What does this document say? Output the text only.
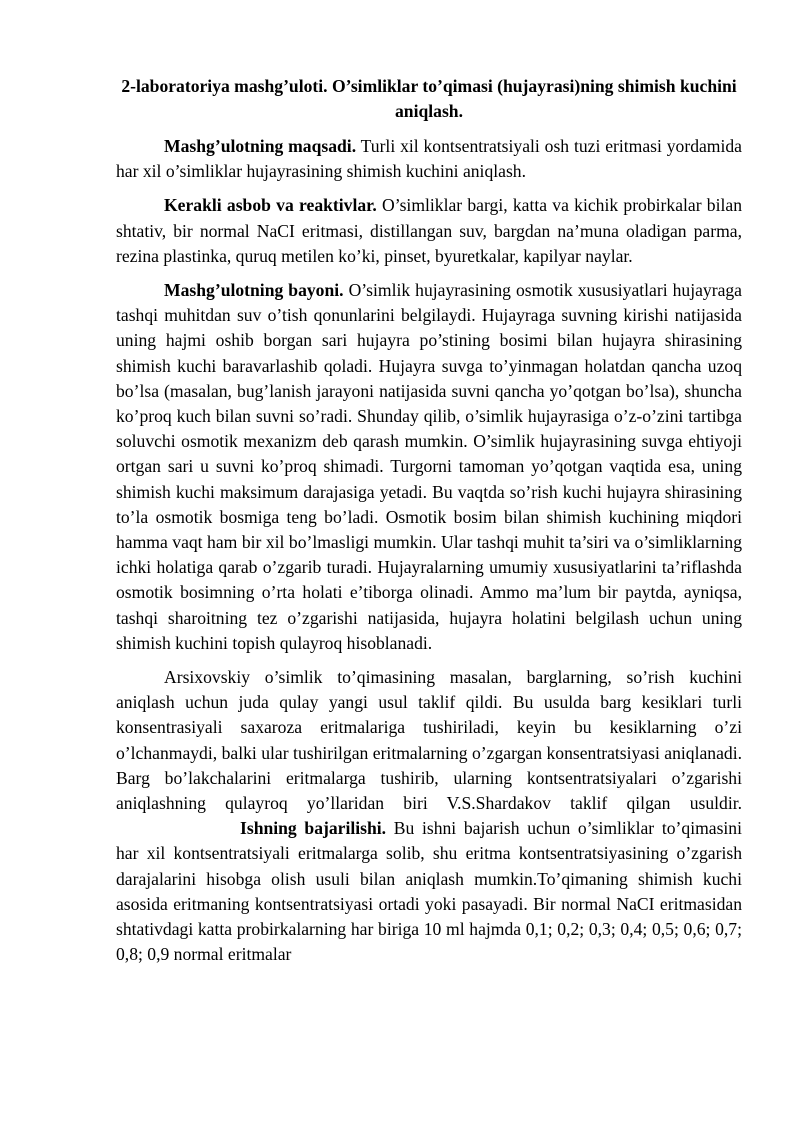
2-laboratoriya mashg’uloti. O’simliklar to’qimasi (hujayrasi)ning shimish kuchini aniqlash.

Mashg’ulotning maqsadi. Turli xil kontsentratsiyali osh tuzi eritmasi yordamida har xil o’simliklar hujayrasining shimish kuchini aniqlash.

Kerakli asbob va reaktivlar. O’simliklar bargi, katta va kichik probirkalar bilan shtativ, bir normal NaCI eritmasi, distillangan suv, bargdan na’muna oladigan parma, rezina plastinka, quruq metilen ko’ki, pinset, byuretkalar, kapilyar naylar.

Mashg’ulotning bayoni. O’simlik hujayrasining osmotik xususiyatlari hujayraga tashqi muhitdan suv o’tish qonunlarini belgilaydi. Hujayraga suvning kirishi natijasida uning hajmi oshib borgan sari hujayra po’stining bosimi bilan hujayra shirasining shimish kuchi baravarlashib qoladi. Hujayra suvga to’yinmagan holatdan qancha uzoq bo’lsa (masalan, bug’lanish jarayoni natijasida suvni qancha yo’qotgan bo’lsa), shuncha ko’proq kuch bilan suvni so’radi. Shunday qilib, o’simlik hujayrasiga o’z-o’zini tartibga soluvchi osmotik mexanizm deb qarash mumkin. O’simlik hujayrasining suvga ehtiyoji ortgan sari u suvni ko’proq shimadi. Turgorni tamoman yo’qotgan vaqtida esa, uning shimish kuchi maksimum darajasiga yetadi. Bu vaqtda so’rish kuchi hujayra shirasining to’la osmotik bosmiga teng bo’ladi. Osmotik bosim bilan shimish kuchining miqdori hamma vaqt ham bir xil bo’lmasligi mumkin. Ular tashqi muhit ta’siri va o’simliklarning ichki holatiga qarab o’zgarib turadi. Hujayralarning umumiy xususiyatlarini ta’riflashda osmotik bosimning o’rta holati e’tiborga olinadi. Ammo ma’lum bir paytda, ayniqsa, tashqi sharoitning tez o’zgarishi natijasida, hujayra holatini belgilash uchun uning shimish kuchini topish qulayroq hisoblanadi.

Arsixovskiy o’simlik to’qimasining masalan, barglarning, so’rish kuchini aniqlash uchun juda qulay yangi usul taklif qildi. Bu usulda barg kesiklari turli konsentrasiyali saxaroza eritmalariga tushiriladi, keyin bu kesiklarning o’zi o’lchanmaydi, balki ular tushirilgan eritmalarning o’zgargan konsentratsiyasi aniqlanadi. Barg bo’lakchalarini eritmalarga tushirib, ularning kontsentratsiyalari o’zgarishi aniqlashning qulayroq yo’llaridan biri V.S.Shardakov taklif qilgan usuldir.Ishning bajarilishi. Bu ishni bajarish uchun o’simliklar to’qimasini har xil kontsentratsiyali eritmalarga solib, shu eritma kontsentratsiyasining o’zgarish darajalarini hisobga olish usuli bilan aniqlash mumkin.To’qimaning shimish kuchi asosida eritmaning kontsentratsiyasi ortadi yoki pasayadi. Bir normal NaCI eritmasidan shtativdagi katta probirkalarning har biriga 10 ml hajmda 0,1; 0,2; 0,3; 0,4; 0,5; 0,6; 0,7; 0,8; 0,9 normal eritmalar
